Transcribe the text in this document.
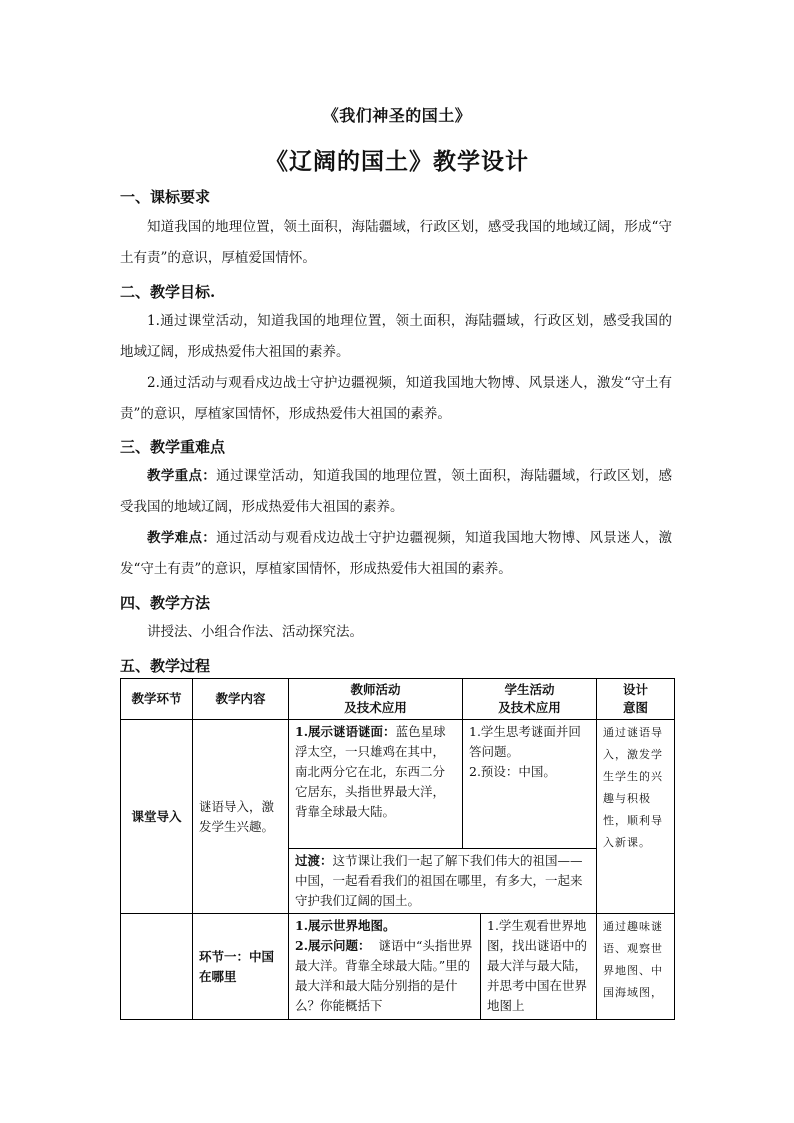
《我们神圣的国土》
《辽阔的国土》教学设计
一、课标要求
知道我国的地理位置，领土面积，海陆疆域，行政区划，感受我国的地域辽阔，形成“守土有责”的意识，厚植爱国情怀。
二、教学目标.
1.通过课堂活动，知道我国的地理位置，领土面积，海陆疆域，行政区划，感受我国的地域辽阔，形成热爱伟大祖国的素养。
2.通过活动与观看戍边战士守护边疆视频，知道我国地大物博、风景迷人，激发“守土有责”的意识，厚植家国情怀，形成热爱伟大祖国的素养。
三、教学重难点
教学重点：通过课堂活动，知道我国的地理位置，领土面积，海陆疆域，行政区划，感受我国的地域辽阔，形成热爱伟大祖国的素养。
教学难点：通过活动与观看戍边战士守护边疆视频，知道我国地大物博、风景迷人，激发“守土有责”的意识，厚植家国情怀，形成热爱伟大祖国的素养。
四、教学方法
讲授法、小组合作法、活动探究法。
五、教学过程
教学环节	教学内容
教师活动
及技术应用
学生活动
及技术应用
设计
意图
课堂导入
谜语导入，激发学生兴趣。
1.展示谜语谜面：蓝色星球浮太空，一只雄鸡在其中，南北两分它在北，东西二分它居东，头指世界最大洋，背靠全球最大陆。
1.学生思考谜面并回答问题。
2.预设：中国。
通过谜语导入，激发学生学生的兴趣与积极性，顺利导入新课。
过渡：这节课让我们一起了解下我们伟大的祖国——中国，一起看看我们的祖国在哪里，有多大，一起来守护我们辽阔的国土。
环节一：中国在哪里
1.展示世界地图。
2.展示问题： 谜语中“头指世界最大洋。背靠全球最大陆。”里的最大洋和最大陆分别指的是什么？你能概括下
1.学生观看世界地图，找出谜语中的最大洋与最大陆，并思考中国在世界地图上
通过趣味谜语、观察世界地图、中国海域图，
